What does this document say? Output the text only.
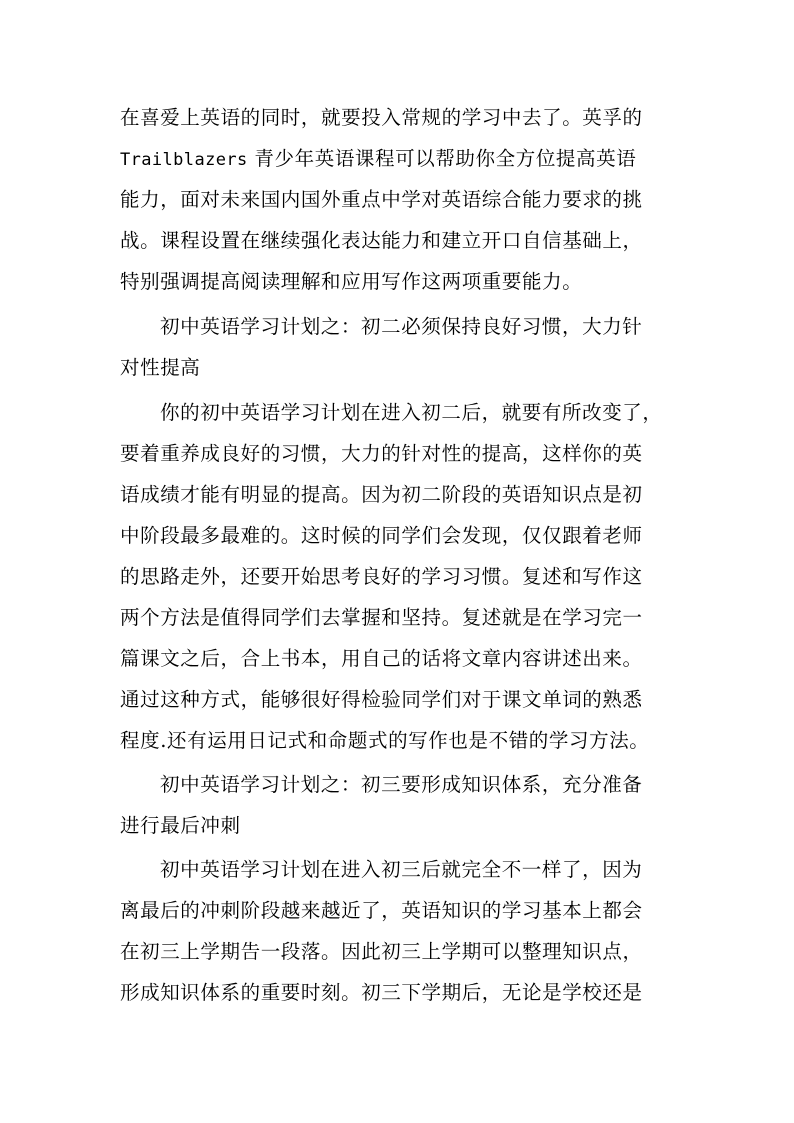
在喜爱上英语的同时，就要投入常规的学习中去了。英孚的
Trailblazers 青少年英语课程可以帮助你全方位提高英语
能力，面对未来国内国外重点中学对英语综合能力要求的挑
战。课程设置在继续强化表达能力和建立开口自信基础上，
特别强调提高阅读理解和应用写作这两项重要能力。
初中英语学习计划之：初二必须保持良好习惯，大力针
对性提高
你的初中英语学习计划在进入初二后，就要有所改变了，
要着重养成良好的习惯，大力的针对性的提高，这样你的英
语成绩才能有明显的提高。因为初二阶段的英语知识点是初
中阶段最多最难的。这时候的同学们会发现，仅仅跟着老师
的思路走外，还要开始思考良好的学习习惯。复述和写作这
两个方法是值得同学们去掌握和坚持。复述就是在学习完一
篇课文之后，合上书本，用自己的话将文章内容讲述出来。
通过这种方式，能够很好得检验同学们对于课文单词的熟悉
程度.还有运用日记式和命题式的写作也是不错的学习方法。
初中英语学习计划之：初三要形成知识体系，充分准备
进行最后冲刺
初中英语学习计划在进入初三后就完全不一样了，因为
离最后的冲刺阶段越来越近了，英语知识的学习基本上都会
在初三上学期告一段落。因此初三上学期可以整理知识点，
形成知识体系的重要时刻。初三下学期后，无论是学校还是
